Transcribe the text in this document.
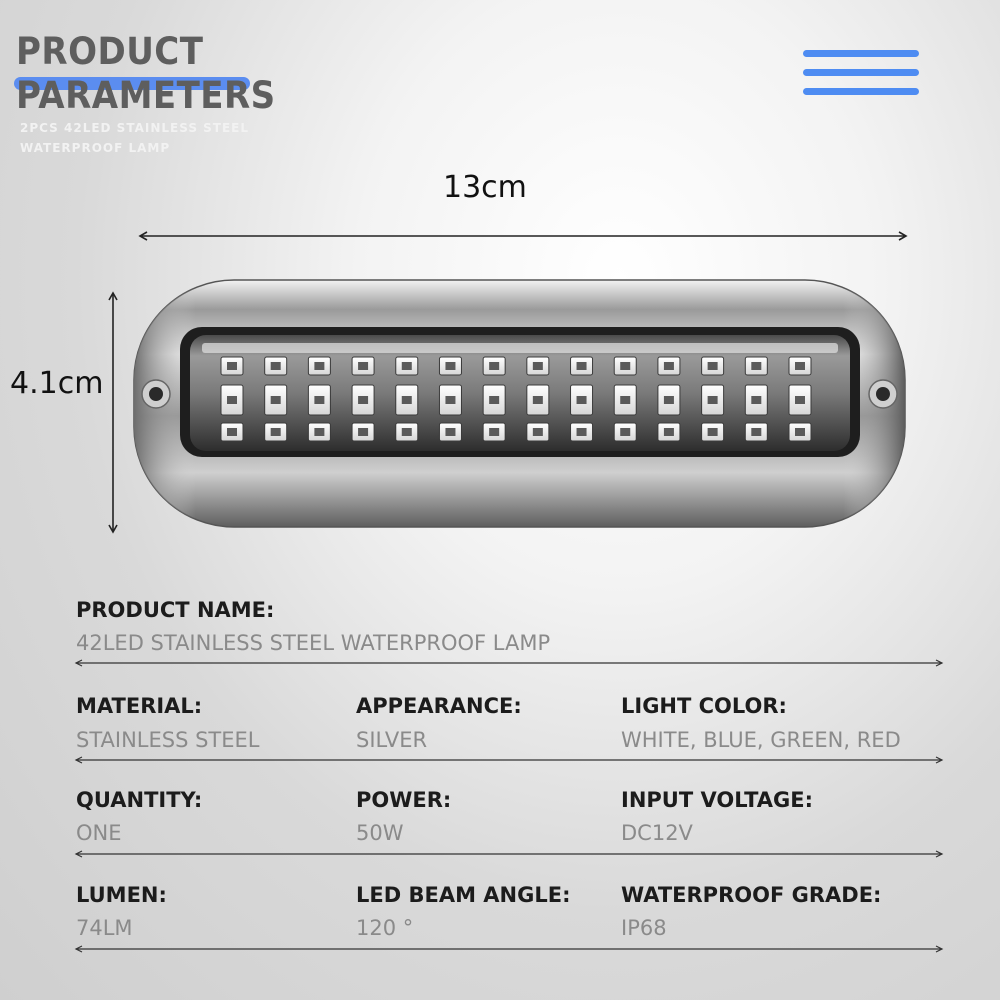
PRODUCT
PARAMETERS
2PCS 42LED STAINLESS STEEL
WATERPROOF LAMP
13cm
4.1cm
PRODUCT NAME:
42LED STAINLESS STEEL WATERPROOF LAMP
MATERIAL:
STAINLESS STEEL
APPEARANCE:
SILVER
LIGHT COLOR:
WHITE, BLUE, GREEN, RED
QUANTITY:
ONE
POWER:
50W
INPUT VOLTAGE:
DC12V
LUMEN:
74LM
LED BEAM ANGLE:
120 °
WATERPROOF GRADE:
IP68
